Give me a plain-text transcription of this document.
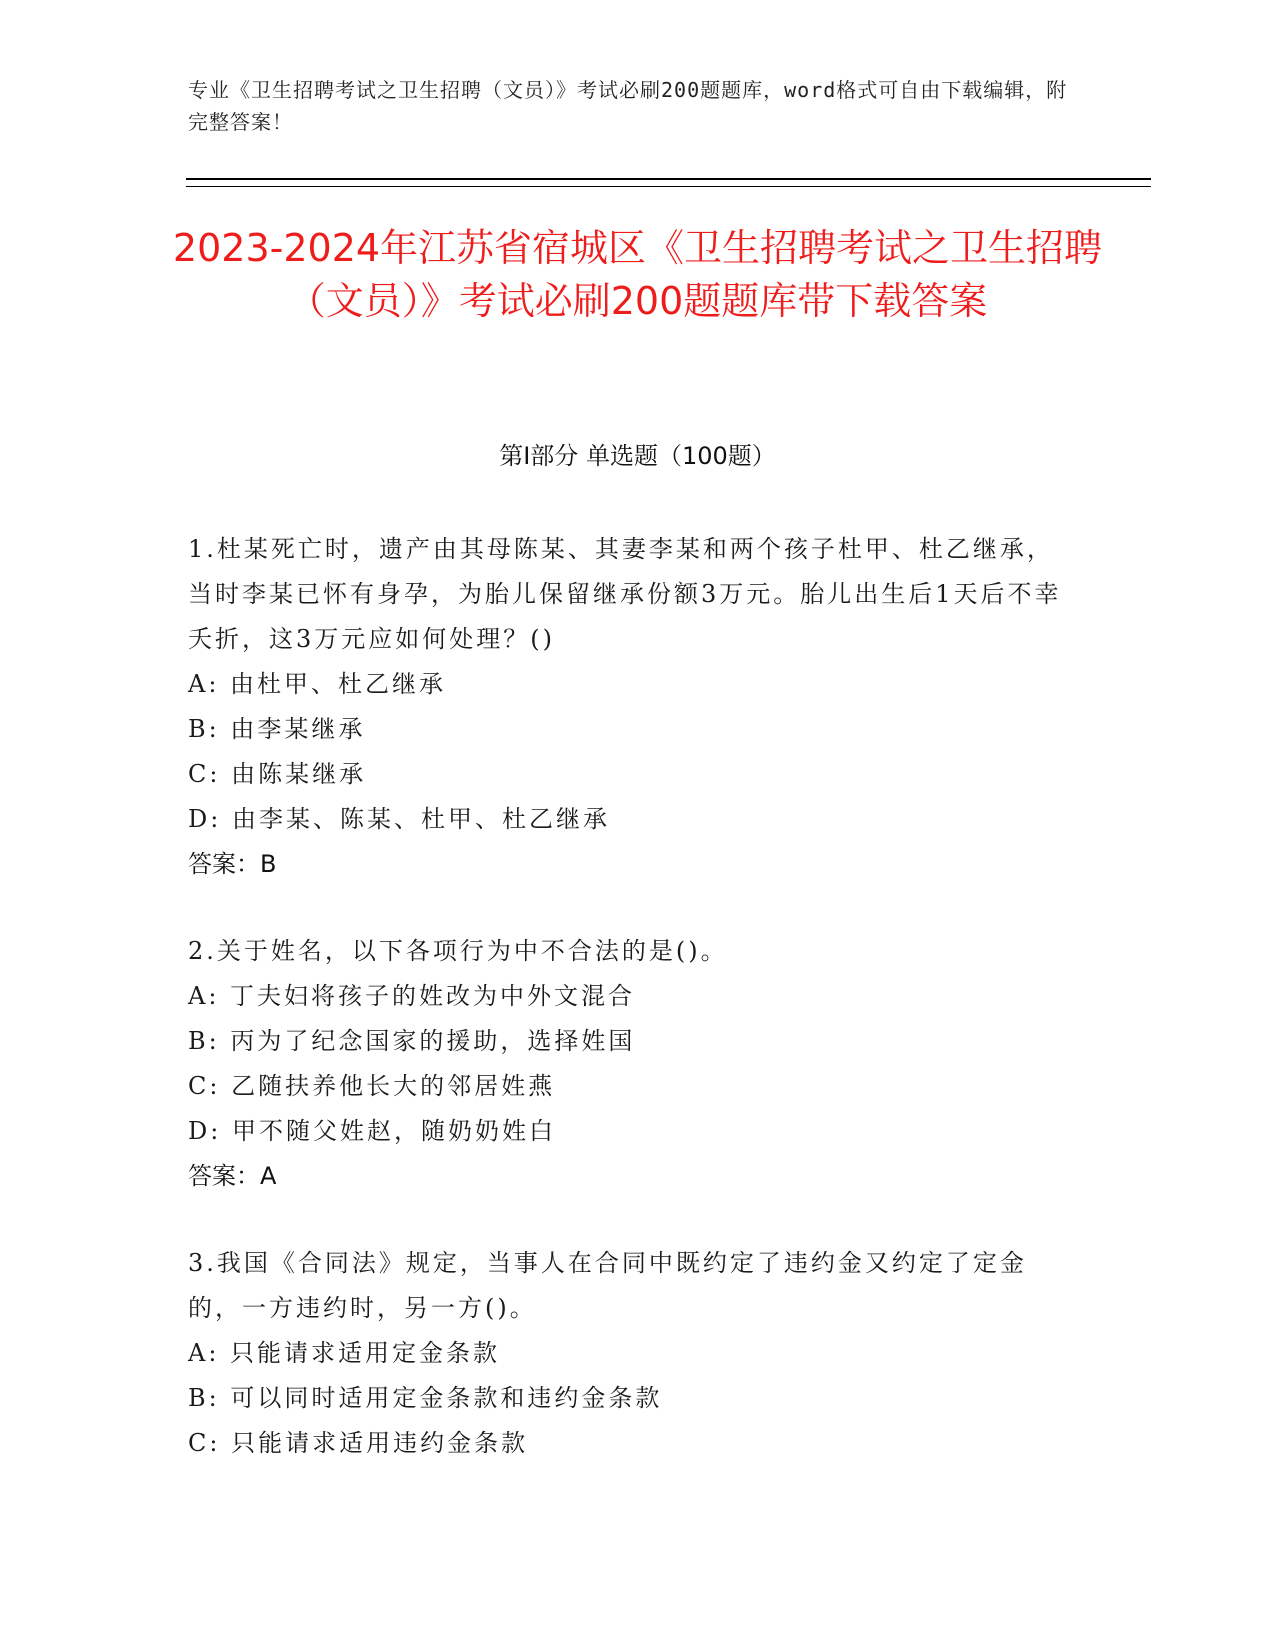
专业《卫生招聘考试之卫生招聘（文员）》考试必刷200题题库，word格式可自由下载编辑，附完整答案！
2023-2024年江苏省宿城区《卫生招聘考试之卫生招聘（文员）》考试必刷200题题库带下载答案
第I部分 单选题（100题）

1.杜某死亡时，遗产由其母陈某、其妻李某和两个孩子杜甲、杜乙继承，当时李某已怀有身孕，为胎儿保留继承份额3万元。胎儿出生后1天后不幸夭折，这3万元应如何处理？()

A: 由杜甲、杜乙继承

B: 由李某继承

C: 由陈某继承

D: 由李某、陈某、杜甲、杜乙继承

答案：B

2.关于姓名，以下各项行为中不合法的是()。

A: 丁夫妇将孩子的姓改为中外文混合

B: 丙为了纪念国家的援助，选择姓国

C: 乙随扶养他长大的邻居姓燕

D: 甲不随父姓赵，随奶奶姓白

答案：A

3.我国《合同法》规定，当事人在合同中既约定了违约金又约定了定金的，一方违约时，另一方()。

A: 只能请求适用定金条款

B: 可以同时适用定金条款和违约金条款

C: 只能请求适用违约金条款
